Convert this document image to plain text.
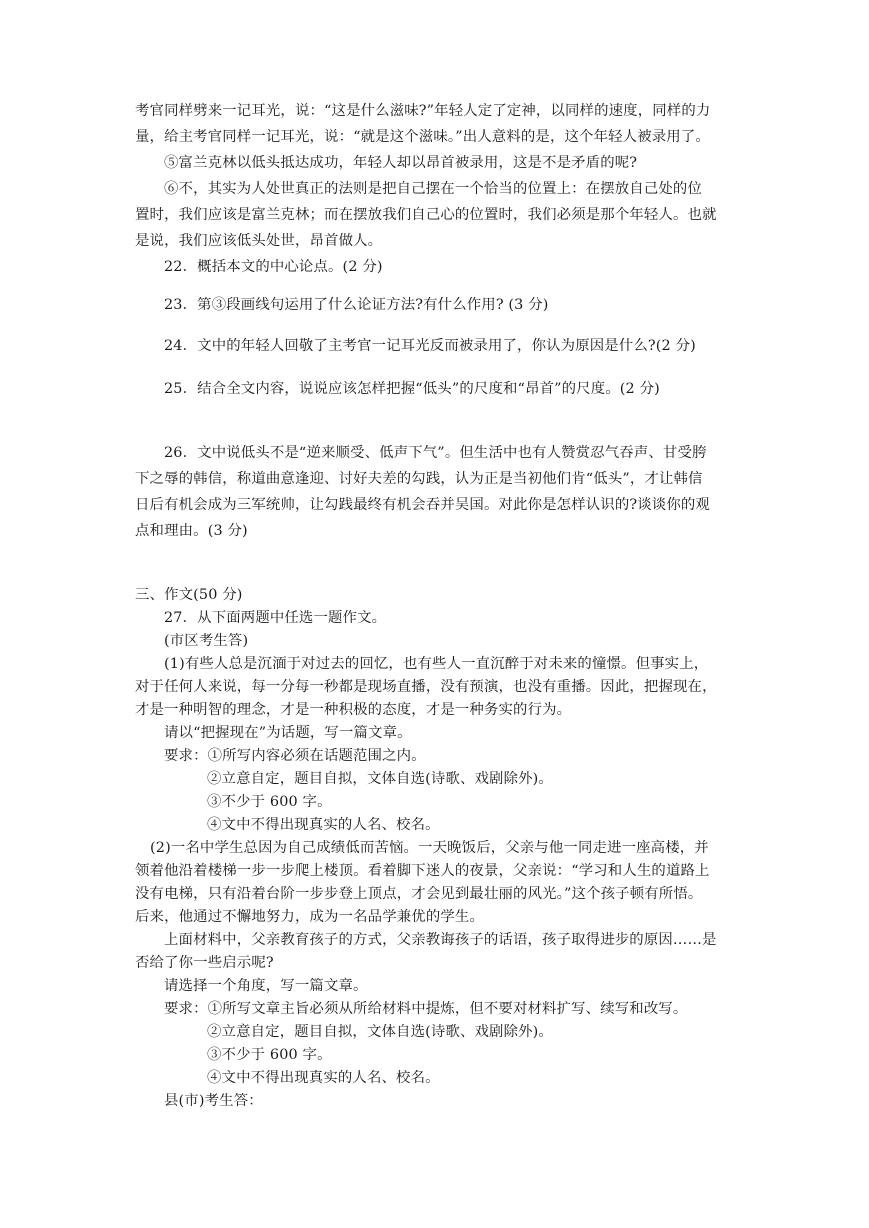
考官同样劈来一记耳光，说：“这是什么滋味?”年轻人定了定神，以同样的速度，同样的力
量，给主考官同样一记耳光，说：“就是这个滋味。”出人意料的是，这个年轻人被录用了。
⑤富兰克林以低头抵达成功，年轻人却以昂首被录用，这是不是矛盾的呢?
⑥不，其实为人处世真正的法则是把自己摆在一个恰当的位置上：在摆放自己处的位
置时，我们应该是富兰克林；而在摆放我们自己心的位置时，我们必须是那个年轻人。也就
是说，我们应该低头处世，昂首做人。
22．概括本文的中心论点。(2 分)
23．第③段画线句运用了什么论证方法?有什么作用? (3 分)
24．文中的年轻人回敬了主考官一记耳光反而被录用了，你认为原因是什么?(2 分)
25．结合全文内容，说说应该怎样把握“低头”的尺度和“昂首”的尺度。(2 分)
26．文中说低头不是“逆来顺受、低声下气”。但生活中也有人赞赏忍气吞声、甘受胯
下之辱的韩信，称道曲意逢迎、讨好夫差的勾践，认为正是当初他们肯“低头”，才让韩信
日后有机会成为三军统帅，让勾践最终有机会吞并吴国。对此你是怎样认识的?谈谈你的观
点和理由。(3 分)
三、作文(50 分)
27．从下面两题中任选一题作文。
(市区考生答)
(1)有些人总是沉湎于对过去的回忆，也有些人一直沉醉于对未来的憧憬。但事实上，
对于任何人来说，每一分每一秒都是现场直播，没有预演，也没有重播。因此，把握现在，
才是一种明智的理念，才是一种积极的态度，才是一种务实的行为。
请以“把握现在”为话题，写一篇文章。
要求：①所写内容必须在话题范围之内。
②立意自定，题目自拟，文体自选(诗歌、戏剧除外)。
③不少于 600 字。
④文中不得出现真实的人名、校名。
(2)一名中学生总因为自己成绩低而苦恼。一天晚饭后，父亲与他一同走进一座高楼，并
领着他沿着楼梯一步一步爬上楼顶。看着脚下迷人的夜景，父亲说：“学习和人生的道路上
没有电梯，只有沿着台阶一步步登上顶点，才会见到最壮丽的风光。”这个孩子顿有所悟。
后来，他通过不懈地努力，成为一名品学兼优的学生。
上面材料中，父亲教育孩子的方式，父亲教诲孩子的话语，孩子取得进步的原因……是
否给了你一些启示呢?
请选择一个角度，写一篇文章。
要求：①所写文章主旨必须从所给材料中提炼，但不要对材料扩写、续写和改写。
②立意自定，题目自拟，文体自选(诗歌、戏剧除外)。
③不少于 600 字。
④文中不得出现真实的人名、校名。
县(市)考生答：
